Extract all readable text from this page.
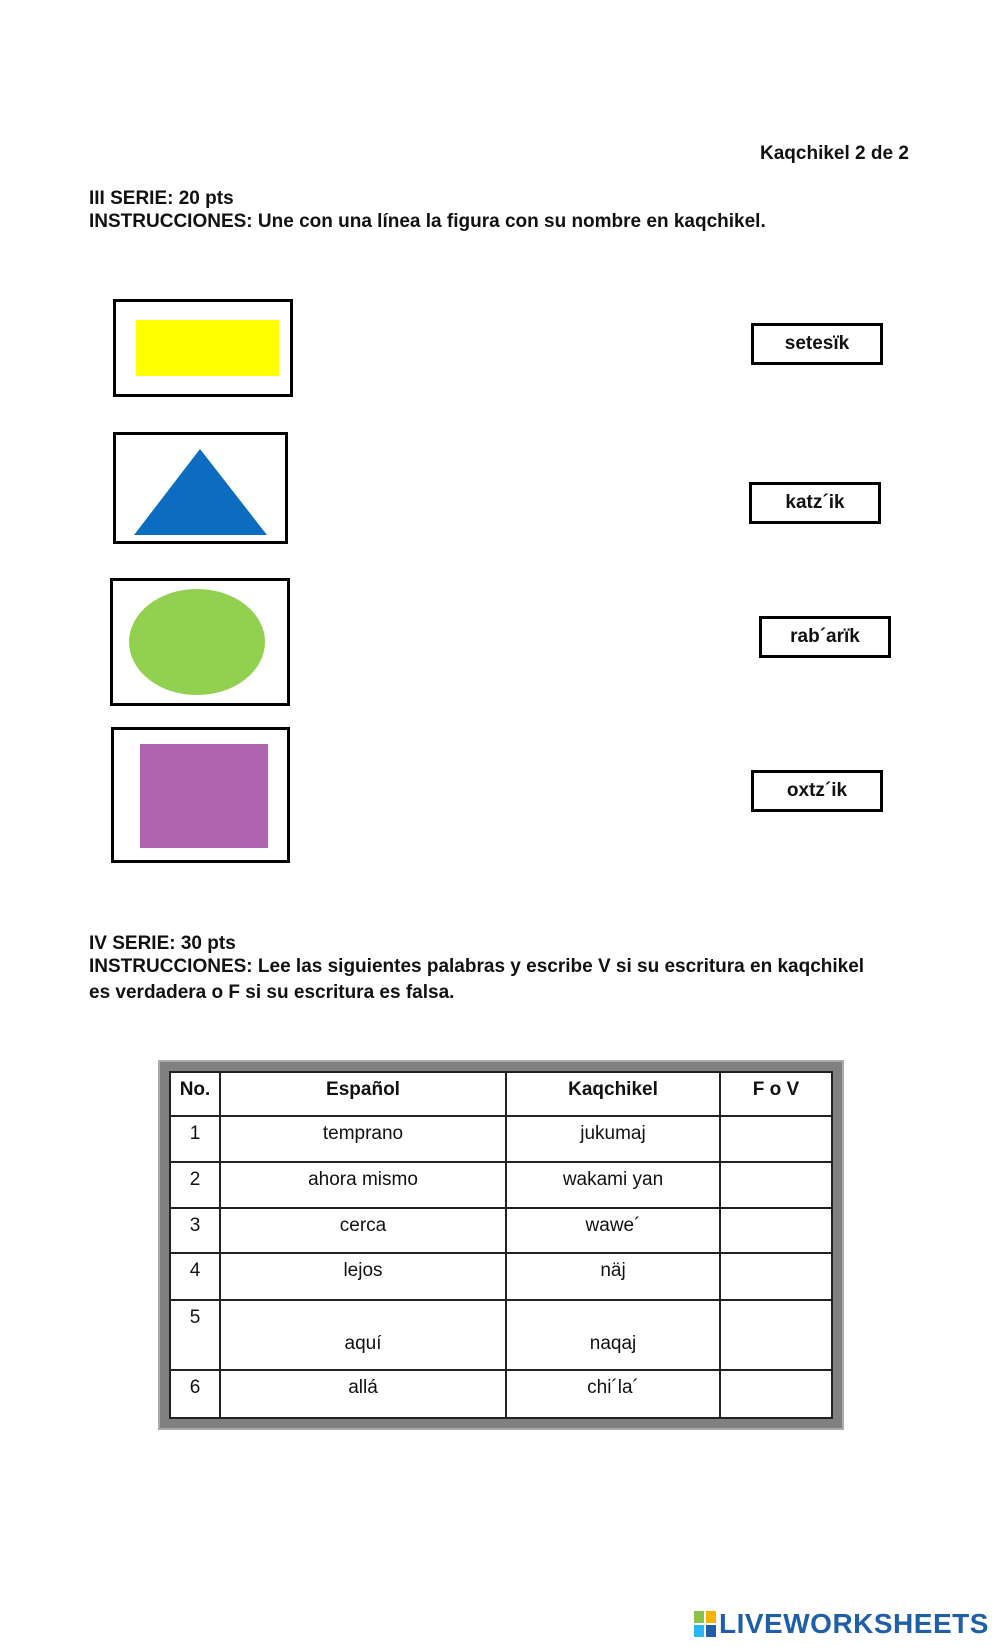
Kaqchikel 2 de 2
III SERIE: 20 pts
INSTRUCCIONES: Une con una línea la figura con su nombre en kaqchikel.
setesïk
katz´ik
rab´arïk
oxtz´ik
IV SERIE: 30 pts
INSTRUCCIONES: Lee las siguientes palabras y escribe V si su escritura en kaqchikel
es verdadera o F si su escritura es falsa.
No.	Español	Kaqchikel	F o V
1	temprano	jukumaj	
2	ahora mismo	wakami yan	
3	cerca	wawe´	
4	lejos	näj	
5	aquí	naqaj	
6	allá	chi´la´	
LIVEWORKSHEETS
